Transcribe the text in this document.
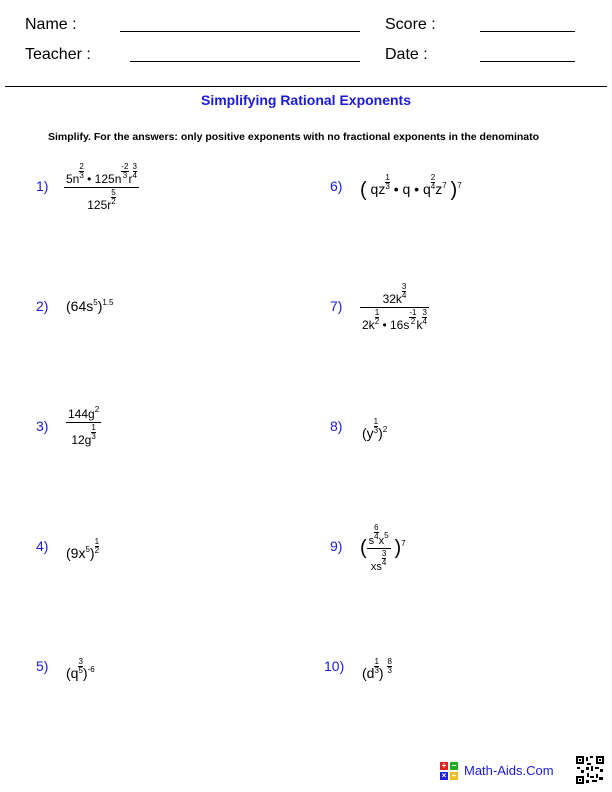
Name :
Teacher :
Score :
Date :
Simplifying Rational Exponents
Simplify. For the answers: only positive exponents with no fractional exponents in the denominato
$1) \frac{5n \frac{2}{3} • 125n \frac{-2}{3} r \frac{3}{4}}{125r \frac{5}{2}}$
2) $(64s^5)^{1.5}$
$3) \frac{144g^2}{12g \frac{1}{3}}$
4) $(9x^5) \frac{1}{2}$
5) $(q \frac{3}{5} )^{-6}$
6) ( qz $\frac{1}{3}$ • q • q $\frac{2}{4} z^7$ )$^7$
$7) \frac{32k \frac{3}{4}}{2k \frac{1}{2} • 16s \frac{-1}{2} k \frac{3}{4}}$
8) $(y \frac{1}{3} )^2$
9) ( $\frac{s \frac{6}{4} x^5}{xs \frac{3}{4}} )^7$
10) ($d \frac{1}{3}$ ) $\frac{8}{3}$
+ −
× ÷ Math-Aids.Com
